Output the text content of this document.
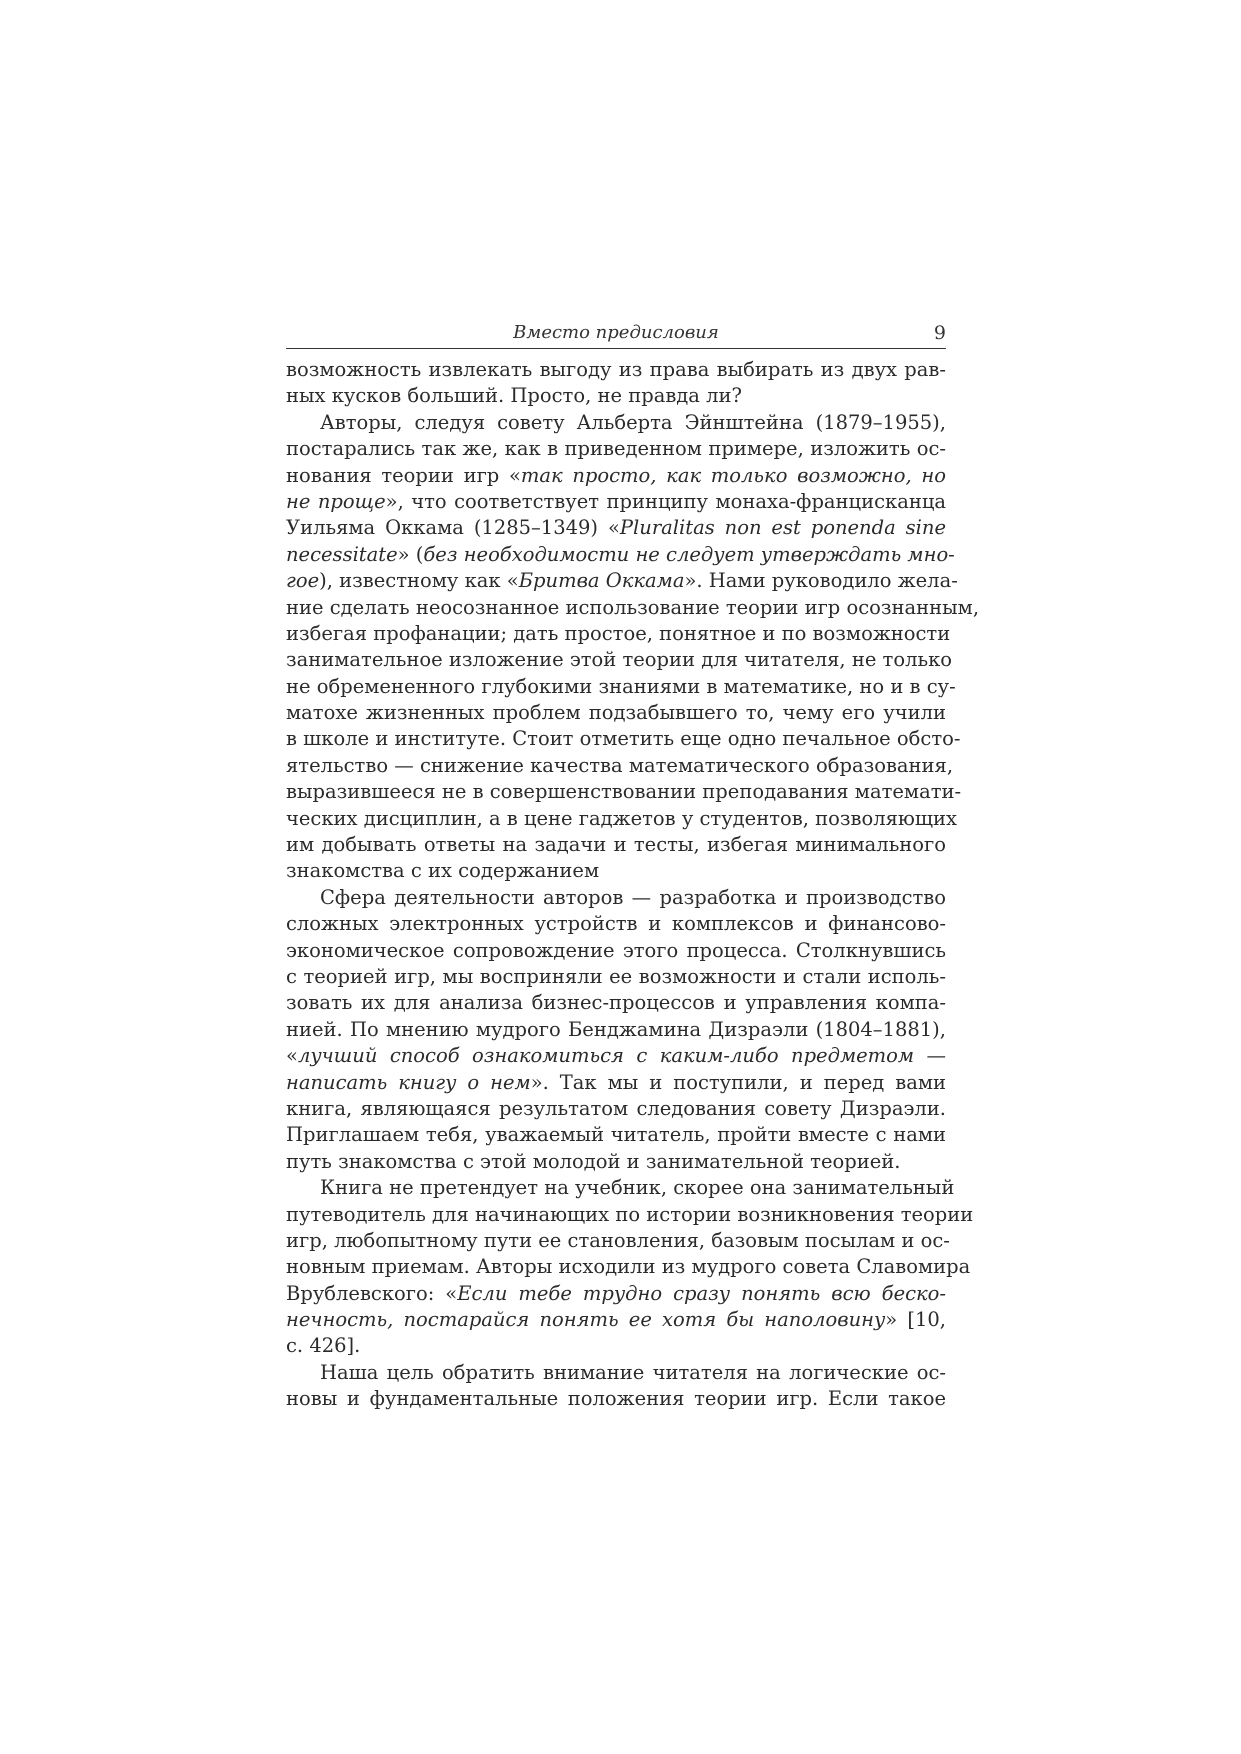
Вместо предисловия	9
возможность извлекать выгоду из права выбирать из двух рав-
ных кусков больший. Просто, не правда ли?
Авторы, следуя совету Альберта Эйнштейна (1879–1955),
постарались так же, как в приведенном примере, изложить ос-
нования теории игр «так просто, как только возможно, но
не проще», что соответствует принципу монаха-францисканца
Уильяма Оккама (1285–1349) «Pluralitas non est ponenda sine
necessitate» (без необходимости не следует утверждать мно-
гое), известному как «Бритва Оккама». Нами руководило жела-
ние сделать неосознанное использование теории игр осознанным,
избегая профанации; дать простое, понятное и по возможности
занимательное изложение этой теории для читателя, не только
не обремененного глубокими знаниями в математике, но и в су-
матохе жизненных проблем подзабывшего то, чему его учили
в школе и институте. Стоит отметить еще одно печальное обсто-
ятельство — снижение качества математического образования,
выразившееся не в совершенствовании преподавания математи-
ческих дисциплин, а в цене гаджетов у студентов, позволяющих
им добывать ответы на задачи и тесты, избегая минимального
знакомства с их содержанием
Сфера деятельности авторов — разработка и производство
сложных электронных устройств и комплексов и финансово-
экономическое сопровождение этого процесса. Столкнувшись
с теорией игр, мы восприняли ее возможности и стали исполь-
зовать их для анализа бизнес-процессов и управления компа-
нией. По мнению мудрого Бенджамина Дизраэли (1804–1881),
«лучший способ ознакомиться с каким-либо предметом —
написать книгу о нем». Так мы и поступили, и перед вами
книга, являющаяся результатом следования совету Дизраэли.
Приглашаем тебя, уважаемый читатель, пройти вместе с нами
путь знакомства с этой молодой и занимательной теорией.
Книга не претендует на учебник, скорее она занимательный
путеводитель для начинающих по истории возникновения теории
игр, любопытному пути ее становления, базовым посылам и ос-
новным приемам. Авторы исходили из мудрого совета Славомира
Врублевского: «Если тебе трудно сразу понять всю беско-
нечность, постарайся понять ее хотя бы наполовину» [10,
с. 426].
Наша цель обратить внимание читателя на логические ос-
новы и фундаментальные положения теории игр. Если такое
